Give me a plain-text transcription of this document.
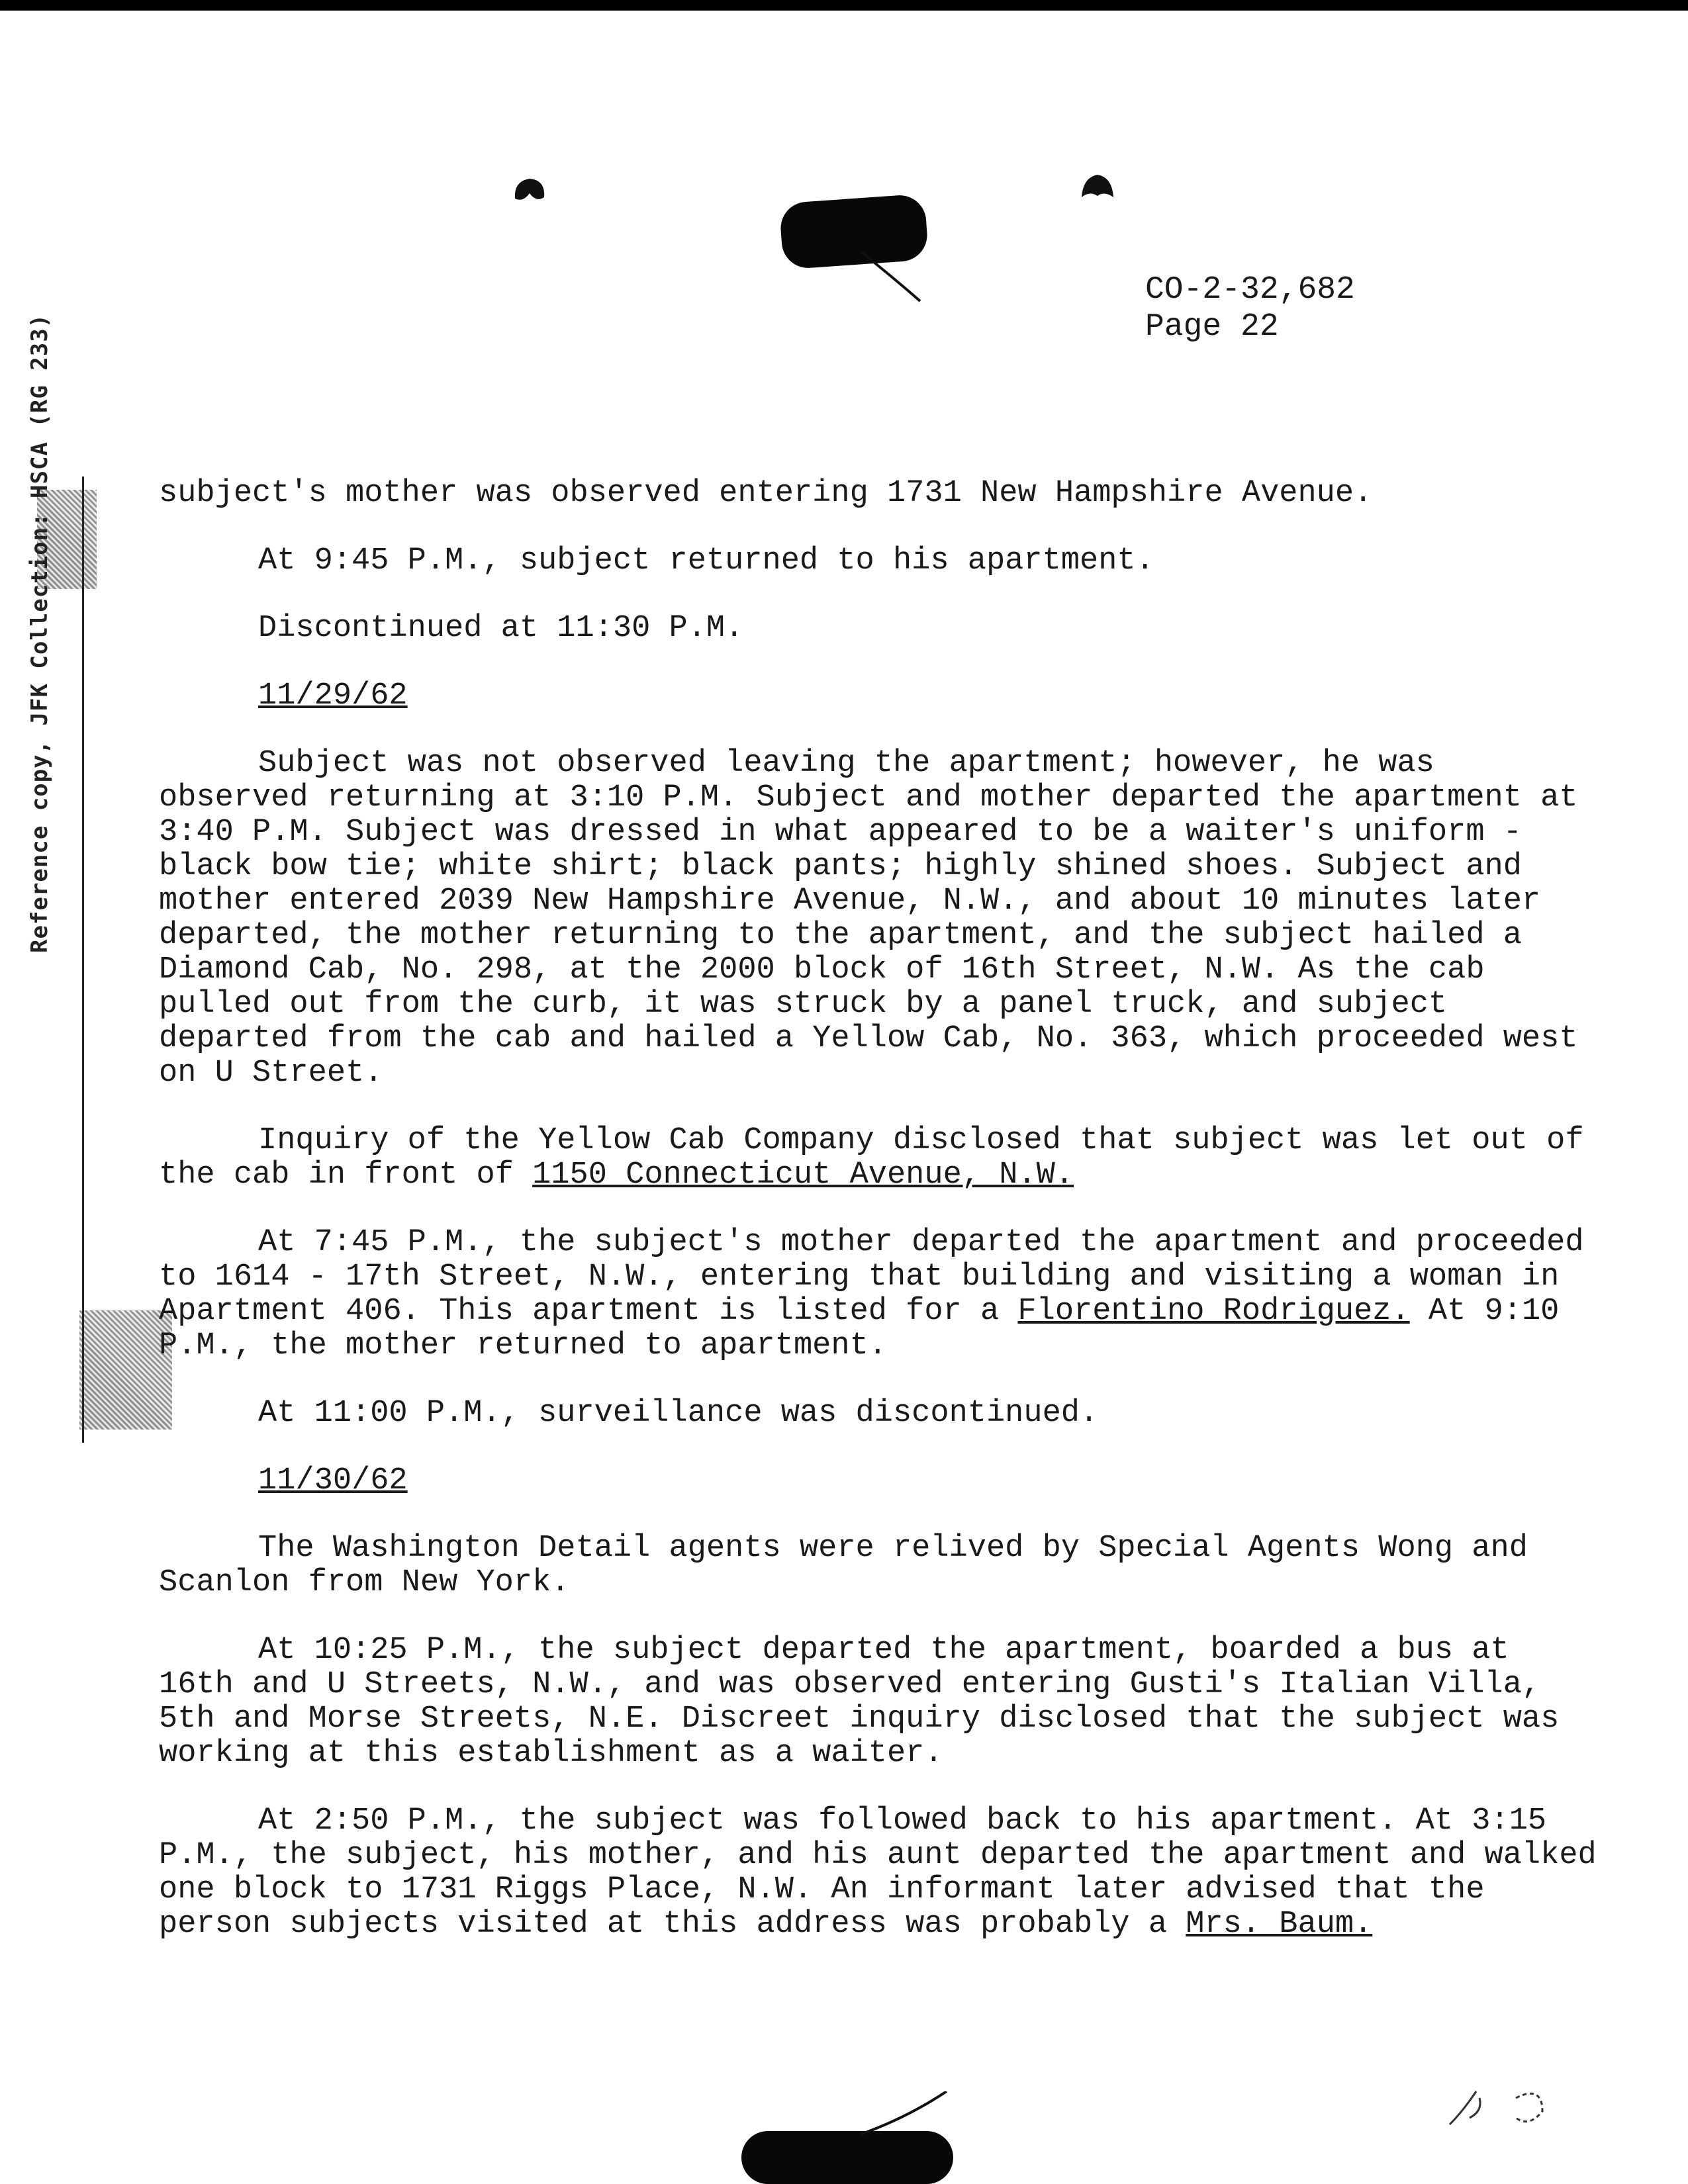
CO-2-32,682
Page 22
Reference copy, JFK Collection: HSCA (RG 233)	subject's mother was observed entering 1731 New Hampshire Avenue.

At 9:45 P.M., subject returned to his apartment.

Discontinued at 11:30 P.M.

11/29/62

Subject was not observed leaving the apartment; however, he was observed returning at 3:10 P.M. Subject and mother departed the apartment at 3:40 P.M. Subject was dressed in what appeared to be a waiter's uniform - black bow tie; white shirt; black pants; highly shined shoes. Subject and mother entered 2039 New Hampshire Avenue, N.W., and about 10 minutes later departed, the mother returning to the apartment, and the subject hailed a Diamond Cab, No. 298, at the 2000 block of 16th Street, N.W. As the cab pulled out from the curb, it was struck by a panel truck, and subject departed from the cab and hailed a Yellow Cab, No. 363, which proceeded west on U Street.

Inquiry of the Yellow Cab Company disclosed that subject was let out of the cab in front of 1150 Connecticut Avenue, N.W.

At 7:45 P.M., the subject's mother departed the apartment and proceeded to 1614 - 17th Street, N.W., entering that building and visiting a woman in Apartment 406. This apartment is listed for a Florentino Rodriguez. At 9:10 P.M., the mother returned to apartment.

At 11:00 P.M., surveillance was discontinued.

11/30/62

The Washington Detail agents were relived by Special Agents Wong and Scanlon from New York.

At 10:25 P.M., the subject departed the apartment, boarded a bus at 16th and U Streets, N.W., and was observed entering Gusti's Italian Villa, 5th and Morse Streets, N.E. Discreet inquiry disclosed that the subject was working at this establishment as a waiter.

At 2:50 P.M., the subject was followed back to his apartment. At 3:15 P.M., the subject, his mother, and his aunt departed the apartment and walked one block to 1731 Riggs Place, N.W. An informant later advised that the person subjects visited at this address was probably a Mrs. Baum.
